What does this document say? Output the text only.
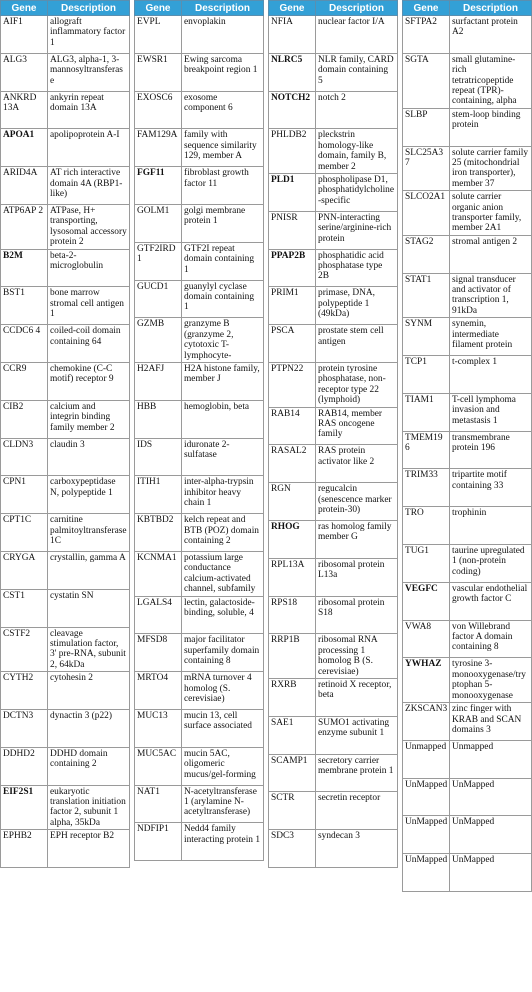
Gene	Description
AIF1	allograft inflammatory factor 1
ALG3	ALG3, alpha-1, 3-mannosyltransferase
ANKRD 13A	ankyrin repeat domain 13A
APOA1	apolipoprotein A-I
ARID4A	AT rich interactive domain 4A (RBP1-like)
ATP6AP 2	ATPase, H+ transporting, lysosomal accessory protein 2
B2M	beta-2-microglobulin
BST1	bone marrow stromal cell antigen 1
CCDC6 4	coiled-coil domain containing 64
CCR9	chemokine (C-C motif) receptor 9
CIB2	calcium and integrin binding family member 2
CLDN3	claudin 3
CPN1	carboxypeptidase N, polypeptide 1
CPT1C	carnitine palmitoyltransferase 1C
CRYGA	crystallin, gamma A
CST1	cystatin SN
CSTF2	cleavage stimulation factor, 3' pre-RNA, subunit 2, 64kDa
CYTH2	cytohesin 2
DCTN3	dynactin 3 (p22)
DDHD2	DDHD domain containing 2
EIF2S1	eukaryotic translation initiation factor 2, subunit 1 alpha, 35kDa
EPHB2	EPH receptor B2
Gene	Description
EVPL	envoplakin
EWSR1	Ewing sarcoma breakpoint region 1
EXOSC6	exosome component 6
FAM129A	family with sequence similarity 129, member A
FGF11	fibroblast growth factor 11
GOLM1	golgi membrane protein 1
GTF2IRD 1	GTF2I repeat domain containing 1
GUCD1	guanylyl cyclase domain containing 1
GZMB	granzyme B (granzyme 2, cytotoxic T-lymphocyte-
H2AFJ	H2A histone family, member J
HBB	hemoglobin, beta
IDS	iduronate 2-sulfatase
ITIH1	inter-alpha-trypsin inhibitor heavy chain 1
KBTBD2	kelch repeat and BTB (POZ) domain containing 2
KCNMA1	potassium large conductance calcium-activated channel, subfamily
LGALS4	lectin, galactoside-binding, soluble, 4
MFSD8	major facilitator superfamily domain containing 8
MRTO4	mRNA turnover 4 homolog (S. cerevisiae)
MUC13	mucin 13, cell surface associated
MUC5AC	mucin 5AC, oligomeric mucus/gel-forming
NAT1	N-acetyltransferase 1 (arylamine N-acetyltransferase)
NDFIP1	Nedd4 family interacting protein 1
Gene	Description
NFIA	nuclear factor I/A
NLRC5	NLR family, CARD domain containing 5
NOTCH2	notch 2
PHLDB2	pleckstrin homology-like domain, family B, member 2
PLD1	phospholipase D1, phosphatidylcholine-specific
PNISR	PNN-interacting serine/arginine-rich protein
PPAP2B	phosphatidic acid phosphatase type 2B
PRIM1	primase, DNA, polypeptide 1 (49kDa)
PSCA	prostate stem cell antigen
PTPN22	protein tyrosine phosphatase, non-receptor type 22 (lymphoid)
RAB14	RAB14, member RAS oncogene family
RASAL2	RAS protein activator like 2
RGN	regucalcin (senescence marker protein-30)
RHOG	ras homolog family member G
RPL13A	ribosomal protein L13a
RPS18	ribosomal protein S18
RRP1B	ribosomal RNA processing 1 homolog B (S. cerevisiae)
RXRB	retinoid X receptor, beta
SAE1	SUMO1 activating enzyme subunit 1
SCAMP1	secretory carrier membrane protein 1
SCTR	secretin receptor
SDC3	syndecan 3
Gene	Description
SFTPA2	surfactant protein A2
SGTA	small glutamine-rich tetratricopeptide repeat (TPR)-containing, alpha
SLBP	stem-loop binding protein
SLC25A3 7	solute carrier family 25 (mitochondrial iron transporter), member 37
SLCO2A1	solute carrier organic anion transporter family, member 2A1
STAG2	stromal antigen 2
STAT1	signal transducer and activator of transcription 1, 91kDa
SYNM	synemin, intermediate filament protein
TCP1	t-complex 1
TIAM1	T-cell lymphoma invasion and metastasis 1
TMEM19 6	transmembrane protein 196
TRIM33	tripartite motif containing 33
TRO	trophinin
TUG1	taurine upregulated 1 (non-protein coding)
VEGFC	vascular endothelial growth factor C
VWA8	von Willebrand factor A domain containing 8
YWHAZ	tyrosine 3-monooxygenase/tryptophan 5-monooxygenase
ZKSCAN3	zinc finger with KRAB and SCAN domains 3
Unmapped	Unmapped
UnMapped	UnMapped
UnMapped	UnMapped
UnMapped	UnMapped
